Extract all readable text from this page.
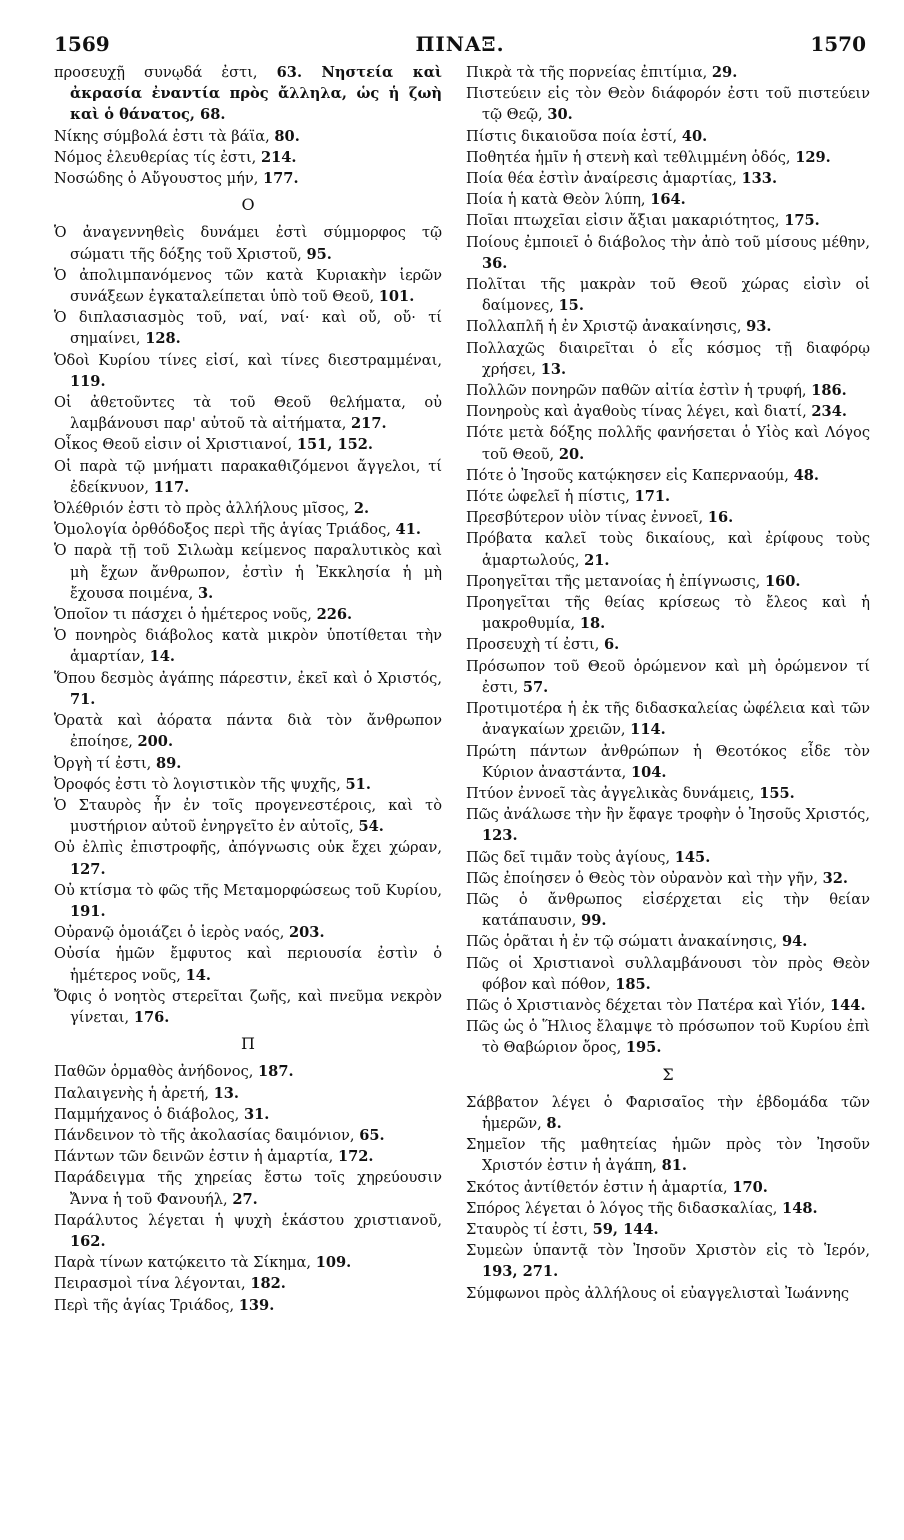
1569	ΠΙΝΑΞ.	1570
προσευχῇ συνῳδά ἐστι, 63. Νηστεία καὶ ἀκρασία ἐναντία πρὸς ἄλληλα, ὡς ἡ ζωὴ καὶ ὁ θάνατος, 68.
Νίκης σύμβολά ἐστι τὰ βάϊα, 80.
Νόμος ἐλευθερίας τίς ἐστι, 214.
Νοσώδης ὁ Αὔγουστος μήν, 177.
O
Ὁ ἀναγεννηθεὶς δυνάμει ἐστὶ σύμμορφος τῷ σώματι τῆς δόξης τοῦ Χριστοῦ, 95.
Ὁ ἀπολιμπανόμενος τῶν κατὰ Κυριακὴν ἱερῶν συνάξεων ἐγκαταλείπεται ὑπὸ τοῦ Θεοῦ, 101.
Ὁ διπλασιασμὸς τοῦ, ναί, ναί· καὶ οὔ, οὔ· τί σημαίνει, 128.
Ὁδοὶ Κυρίου τίνες εἰσί, καὶ τίνες διεστραμμέναι, 119.
Οἱ ἀθετοῦντες τὰ τοῦ Θεοῦ θελήματα, οὐ λαμβάνουσι παρ' αὐτοῦ τὰ αἰτήματα, 217.
Οἶκος Θεοῦ εἰσιν οἱ Χριστιανοί, 151, 152.
Οἱ παρὰ τῷ μνήματι παρακαθιζόμενοι ἄγγελοι, τί ἐδείκνυον, 117.
Ὀλέθριόν ἐστι τὸ πρὸς ἀλλήλους μῖσος, 2.
Ὁμολογία ὀρθόδοξος περὶ τῆς ἁγίας Τριάδος, 41.
Ὁ παρὰ τῇ τοῦ Σιλωὰμ κείμενος παραλυτικὸς καὶ μὴ ἔχων ἄνθρωπον, ἐστὶν ἡ Ἐκκλησία ἡ μὴ ἔχουσα ποιμένα, 3.
Ὁποῖον τι πάσχει ὁ ἡμέτερος νοῦς, 226.
Ὁ πονηρὸς διάβολος κατὰ μικρὸν ὑποτίθεται τὴν ἁμαρτίαν, 14.
Ὅπου δεσμὸς ἀγάπης πάρεστιν, ἐκεῖ καὶ ὁ Χριστός, 71.
Ὁρατὰ καὶ ἀόρατα πάντα διὰ τὸν ἄνθρωπον ἐποίησε, 200.
Ὀργὴ τί ἐστι, 89.
Ὀροφός ἐστι τὸ λογιστικὸν τῆς ψυχῆς, 51.
Ὁ Σταυρὸς ἦν ἐν τοῖς προγενεστέροις, καὶ τὸ μυστήριον αὐτοῦ ἐνηργεῖτο ἐν αὐτοῖς, 54.
Οὐ ἐλπὶς ἐπιστροφῆς, ἀπόγνωσις οὐκ ἔχει χώραν, 127.
Οὐ κτίσμα τὸ φῶς τῆς Μεταμορφώσεως τοῦ Κυρίου, 191.
Οὐρανῷ ὁμοιάζει ὁ ἱερὸς ναός, 203.
Οὐσία ἡμῶν ἔμφυτος καὶ περιουσία ἐστὶν ὁ ἡμέτερος νοῦς, 14.
Ὄφις ὁ νοητὸς στερεῖται ζωῆς, καὶ πνεῦμα νεκρὸν γίνεται, 176.
Π
Παθῶν ὁρμαθὸς ἀνήδονος, 187.
Παλαιγενὴς ἡ ἀρετή, 13.
Παμμήχανος ὁ διάβολος, 31.
Πάνδεινον τὸ τῆς ἀκολασίας δαιμόνιον, 65.
Πάντων τῶν δεινῶν ἐστιν ἡ ἁμαρτία, 172.
Παράδειγμα τῆς χηρείας ἔστω τοῖς χηρεύουσιν Ἄννα ἡ τοῦ Φανουήλ, 27.
Παράλυτος λέγεται ἡ ψυχὴ ἑκάστου χριστιανοῦ, 162.
Παρὰ τίνων κατῴκειτο τὰ Σίκημα, 109.
Πειρασμοὶ τίνα λέγονται, 182.
Περὶ τῆς ἁγίας Τριάδος, 139.
Πικρὰ τὰ τῆς πορνείας ἐπιτίμια, 29.
Πιστεύειν εἰς τὸν Θεὸν διάφορόν ἐστι τοῦ πιστεύειν τῷ Θεῷ, 30.
Πίστις δικαιοῦσα ποία ἐστί, 40.
Ποθητέα ἡμῖν ἡ στενὴ καὶ τεθλιμμένη ὁδός, 129.
Ποία θέα ἐστὶν ἀναίρεσις ἁμαρτίας, 133.
Ποία ἡ κατὰ Θεὸν λύπη, 164.
Ποῖαι πτωχεῖαι εἰσιν ἄξιαι μακαριότητος, 175.
Ποίους ἐμποιεῖ ὁ διάβολος τὴν ἀπὸ τοῦ μίσους μέθην, 36.
Πολῖται τῆς μακρὰν τοῦ Θεοῦ χώρας εἰσὶν οἱ δαίμονες, 15.
Πολλαπλῆ ἡ ἐν Χριστῷ ἀνακαίνησις, 93.
Πολλαχῶς διαιρεῖται ὁ εἷς κόσμος τῇ διαφόρῳ χρήσει, 13.
Πολλῶν πονηρῶν παθῶν αἰτία ἐστὶν ἡ τρυφή, 186.
Πονηροὺς καὶ ἀγαθοὺς τίνας λέγει, καὶ διατί, 234.
Πότε μετὰ δόξης πολλῆς φανήσεται ὁ Υἱὸς καὶ Λόγος τοῦ Θεοῦ, 20.
Πότε ὁ Ἰησοῦς κατῴκησεν εἰς Καπερναούμ, 48.
Πότε ὠφελεῖ ἡ πίστις, 171.
Πρεσβύτερον υἱὸν τίνας ἐννοεῖ, 16.
Πρόβατα καλεῖ τοὺς δικαίους, καὶ ἐρίφους τοὺς ἁμαρτωλούς, 21.
Προηγεῖται τῆς μετανοίας ἡ ἐπίγνωσις, 160.
Προηγεῖται τῆς θείας κρίσεως τὸ ἔλεος καὶ ἡ μακροθυμία, 18.
Προσευχὴ τί ἐστι, 6.
Πρόσωπον τοῦ Θεοῦ ὁρώμενον καὶ μὴ ὁρώμενον τί ἐστι, 57.
Προτιμοτέρα ἡ ἐκ τῆς διδασκαλείας ὠφέλεια καὶ τῶν ἀναγκαίων χρειῶν, 114.
Πρώτη πάντων ἀνθρώπων ἡ Θεοτόκος εἶδε τὸν Κύριον ἀναστάντα, 104.
Πτύον ἐννοεῖ τὰς ἀγγελικὰς δυνάμεις, 155.
Πῶς ἀνάλωσε τὴν ἣν ἔφαγε τροφὴν ὁ Ἰησοῦς Χριστός, 123.
Πῶς δεῖ τιμᾶν τοὺς ἁγίους, 145.
Πῶς ἐποίησεν ὁ Θεὸς τὸν οὐρανὸν καὶ τὴν γῆν, 32.
Πῶς ὁ ἄνθρωπος εἰσέρχεται εἰς τὴν θείαν κατάπαυσιν, 99.
Πῶς ὁρᾶται ἡ ἐν τῷ σώματι ἀνακαίνησις, 94.
Πῶς οἱ Χριστιανοὶ συλλαμβάνουσι τὸν πρὸς Θεὸν φόβον καὶ πόθον, 185.
Πῶς ὁ Χριστιανὸς δέχεται τὸν Πατέρα καὶ Υἱόν, 144.
Πῶς ὡς ὁ Ἥλιος ἔλαμψε τὸ πρόσωπον τοῦ Κυρίου ἐπὶ τὸ Θαβώριον ὄρος, 195.
Σ
Σάββατον λέγει ὁ Φαρισαῖος τὴν ἑβδομάδα τῶν ἡμερῶν, 8.
Σημεῖον τῆς μαθητείας ἡμῶν πρὸς τὸν Ἰησοῦν Χριστόν ἐστιν ἡ ἀγάπη, 81.
Σκότος ἀντίθετόν ἐστιν ἡ ἁμαρτία, 170.
Σπόρος λέγεται ὁ λόγος τῆς διδασκαλίας, 148.
Σταυρὸς τί ἐστι, 59, 144.
Συμεὼν ὑπαντᾷ τὸν Ἰησοῦν Χριστὸν εἰς τὸ Ἱερόν, 193, 271.
Σύμφωνοι πρὸς ἀλλήλους οἱ εὐαγγελισταὶ Ἰωάννης
